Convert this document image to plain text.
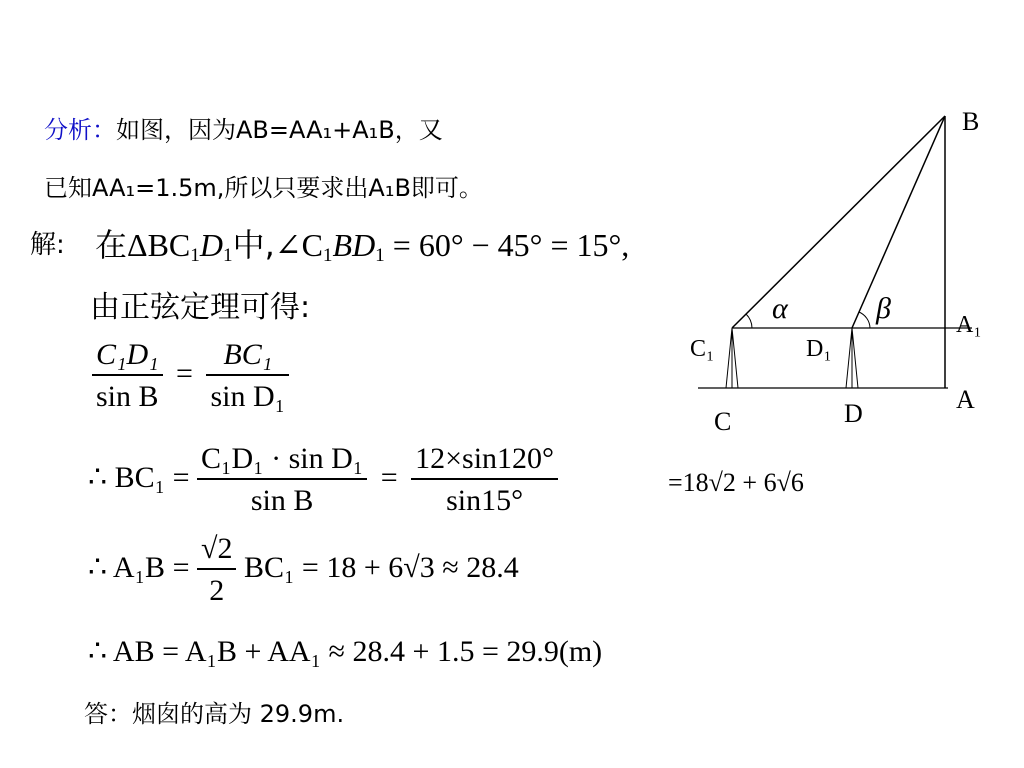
分析：如图，因为AB=AA₁+A₁B，又
已知AA₁=1.5m,所以只要求出A₁B即可。
解: 在$\Delta BC_1D_1$中$,\angle C_1BD_1 = 60^\circ - 45^\circ = 15^\circ$,
由正弦定理可得:
$\frac{\text{C₁D₁}}{\text{sin B}} = \frac{\text{BC₁}}{\text{sin D₁}}$
∴ $BC_1 = \frac{\text{C₁D₁ · sin D₁}}{\text{sin B}} = \frac{12\times\sin 120^\circ}{\sin 15^\circ}$	=18√2 + 6√6
∴ $A_1B = \frac{√2}{2} BC_1 = 18 + 6√3 \approx 28.4$
∴ AB = A₁B + AA₁ ≈ 28.4 + 1.5 = 29.9(m)
答：烟囱的高为 29.9m.
B
A₁
A
C₁	D₁
C	D
α	β
